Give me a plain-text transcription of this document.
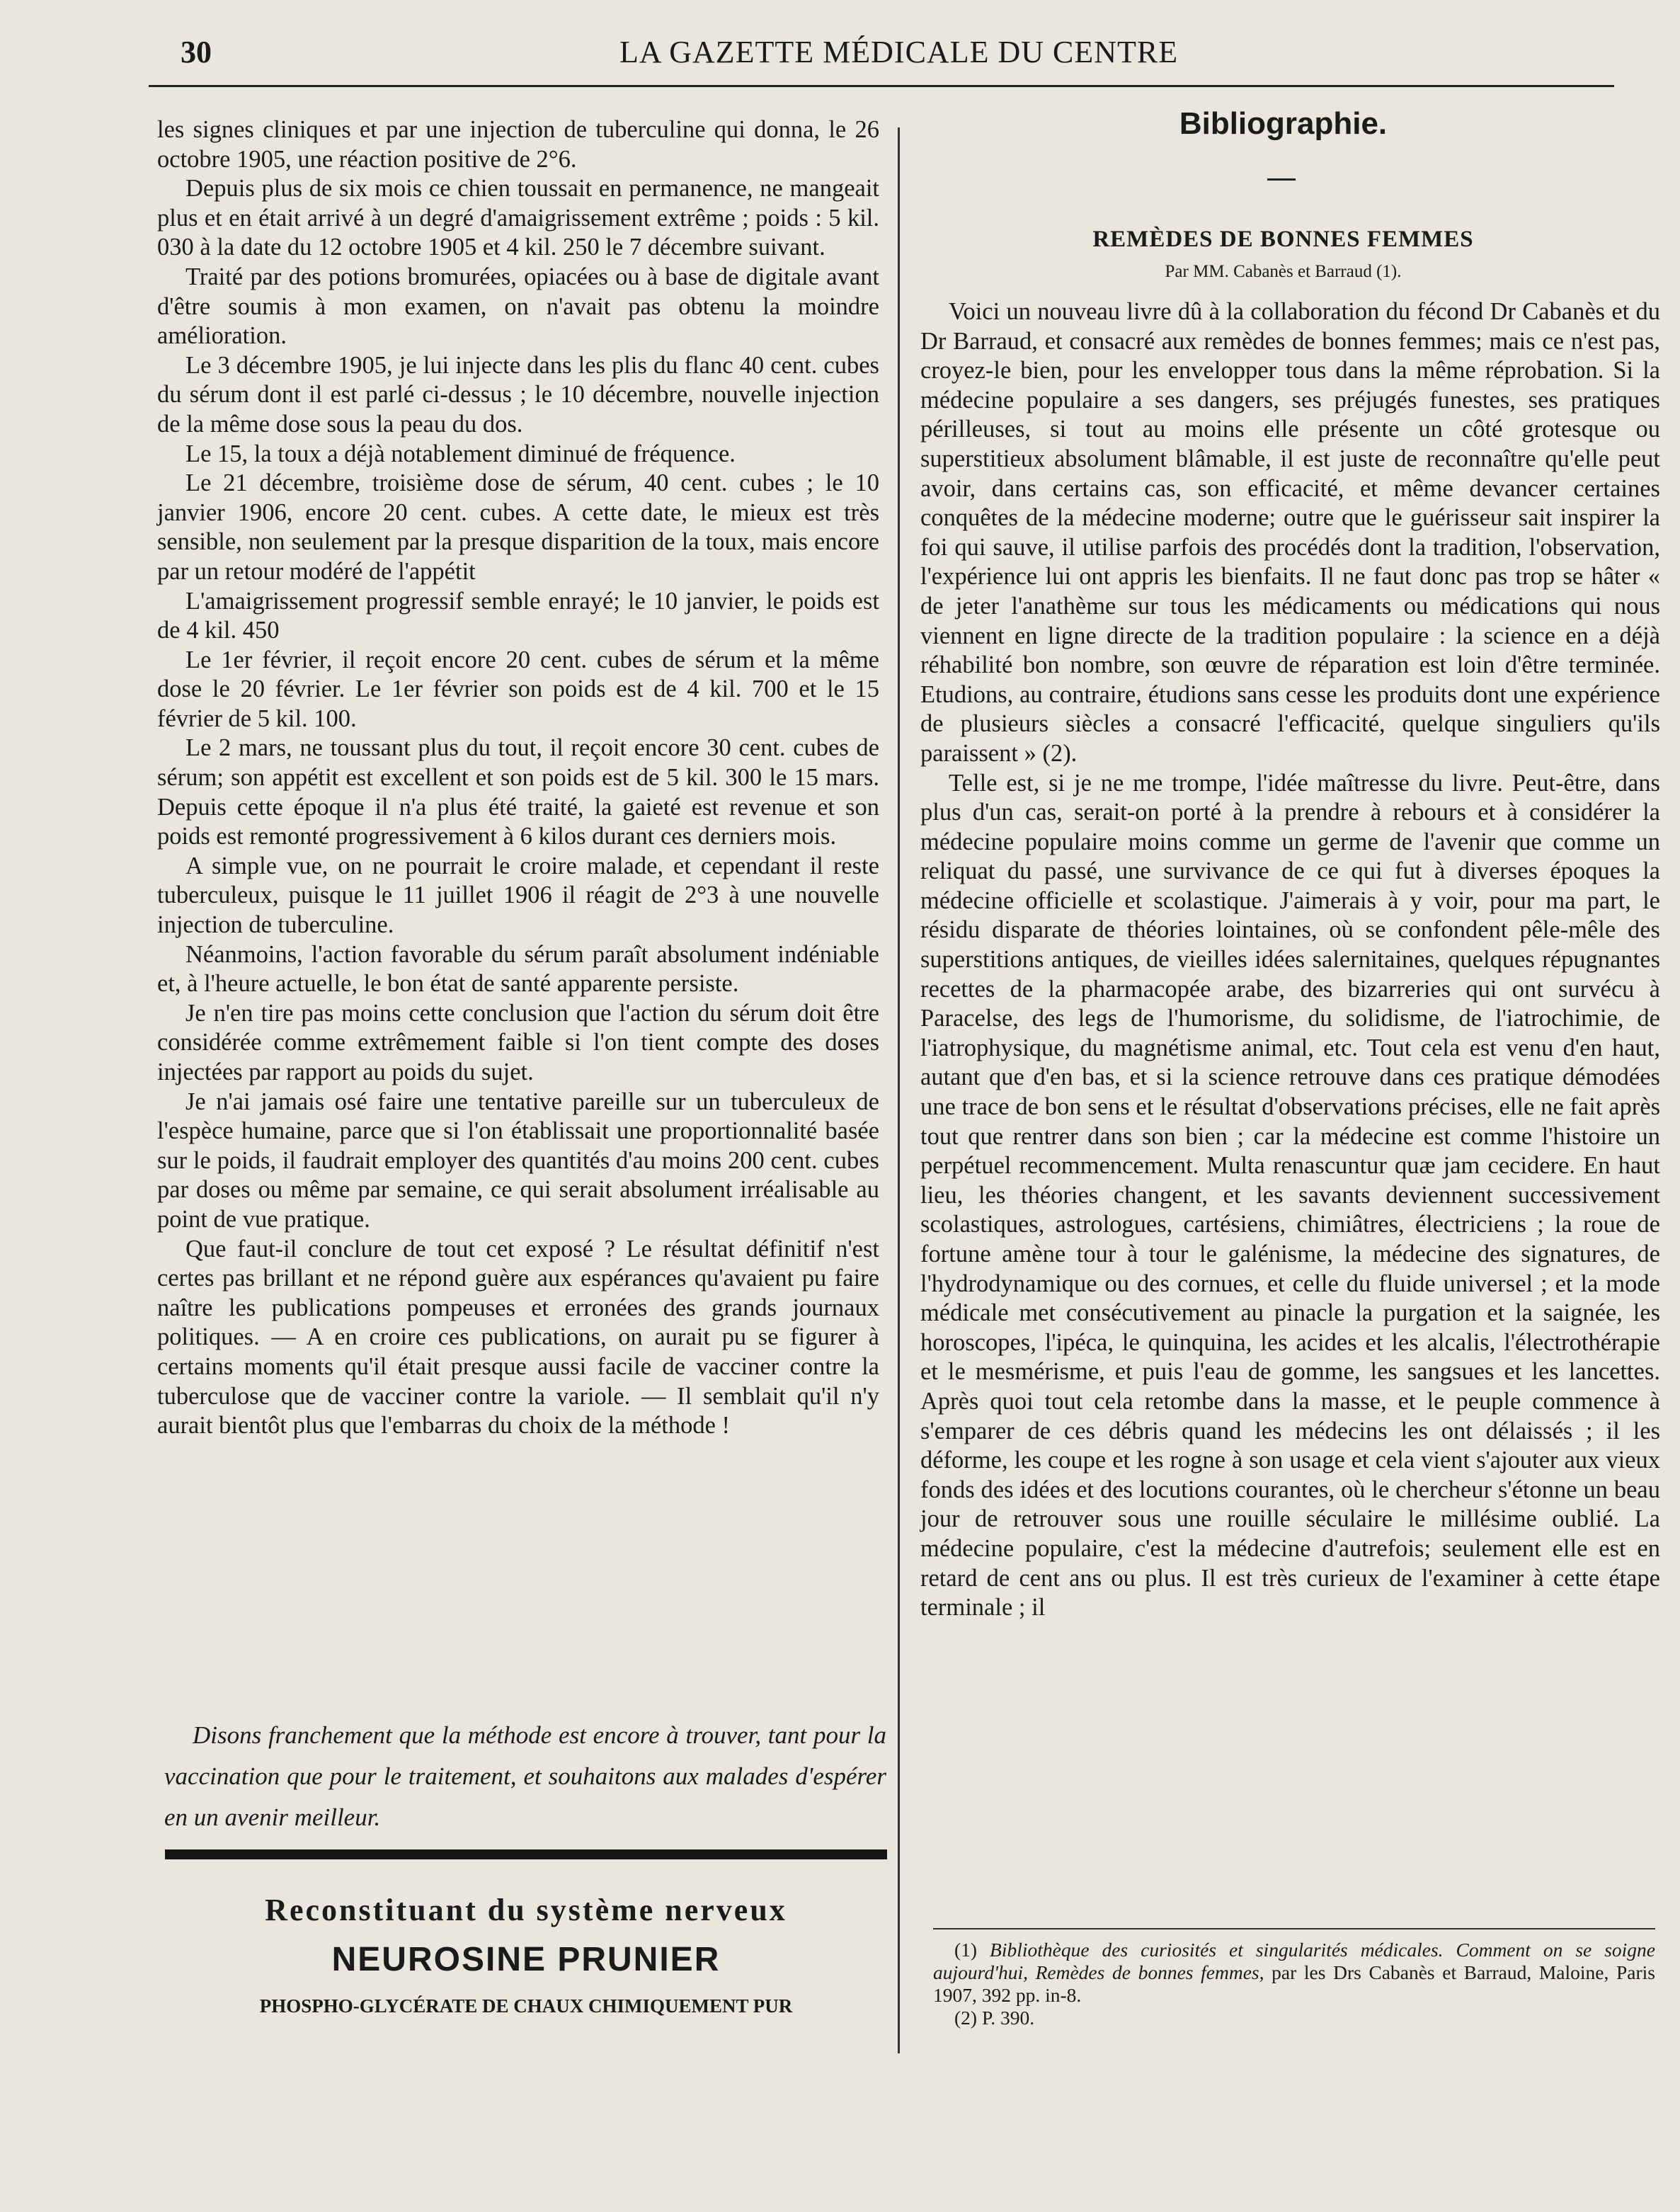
30	LA GAZETTE MÉDICALE DU CENTRE

les signes cliniques et par une injection de tuberculine qui donna, le 26 octobre 1905, une réaction positive de 2°6.

Depuis plus de six mois ce chien toussait en permanence, ne mangeait plus et en était arrivé à un degré d'amaigrissement extrême ; poids : 5 kil. 030 à la date du 12 octobre 1905 et 4 kil. 250 le 7 décembre suivant.

Traité par des potions bromurées, opiacées ou à base de digitale avant d'être soumis à mon examen, on n'avait pas obtenu la moindre amélioration.

Le 3 décembre 1905, je lui injecte dans les plis du flanc 40 cent. cubes du sérum dont il est parlé ci-dessus ; le 10 décembre, nouvelle injection de la même dose sous la peau du dos.

Le 15, la toux a déjà notablement diminué de fréquence.

Le 21 décembre, troisième dose de sérum, 40 cent. cubes ; le 10 janvier 1906, encore 20 cent. cubes. A cette date, le mieux est très sensible, non seulement par la presque disparition de la toux, mais encore par un retour modéré de l'appétit

L'amaigrissement progressif semble enrayé; le 10 janvier, le poids est de 4 kil. 450

Le 1er février, il reçoit encore 20 cent. cubes de sérum et la même dose le 20 février. Le 1er février son poids est de 4 kil. 700 et le 15 février de 5 kil. 100.

Le 2 mars, ne toussant plus du tout, il reçoit encore 30 cent. cubes de sérum; son appétit est excellent et son poids est de 5 kil. 300 le 15 mars. Depuis cette époque il n'a plus été traité, la gaieté est revenue et son poids est remonté progressivement à 6 kilos durant ces derniers mois.

A simple vue, on ne pourrait le croire malade, et cependant il reste tuberculeux, puisque le 11 juillet 1906 il réagit de 2°3 à une nouvelle injection de tuberculine.

Néanmoins, l'action favorable du sérum paraît absolument indéniable et, à l'heure actuelle, le bon état de santé apparente persiste.

Je n'en tire pas moins cette conclusion que l'action du sérum doit être considérée comme extrêmement faible si l'on tient compte des doses injectées par rapport au poids du sujet.

Je n'ai jamais osé faire une tentative pareille sur un tuberculeux de l'espèce humaine, parce que si l'on établissait une proportionnalité basée sur le poids, il faudrait employer des quantités d'au moins 200 cent. cubes par doses ou même par semaine, ce qui serait absolument irréalisable au point de vue pratique.

Que faut-il conclure de tout cet exposé ? Le résultat définitif n'est certes pas brillant et ne répond guère aux espérances qu'avaient pu faire naître les publications pompeuses et erronées des grands journaux politiques. — A en croire ces publications, on aurait pu se figurer à certains moments qu'il était presque aussi facile de vacciner contre la tuberculose que de vacciner contre la variole. — Il semblait qu'il n'y aurait bientôt plus que l'embarras du choix de la méthode !

Disons franchement que la méthode est encore à trouver, tant pour la vaccination que pour le traitement, et souhaitons aux malades d'espérer en un avenir meilleur.

Reconstituant du système nerveux
NEUROSINE PRUNIER
PHOSPHO-GLYCÉRATE DE CHAUX CHIMIQUEMENT PUR
Bibliographie.
REMÈDES DE BONNES FEMMES
Par MM. Cabanès et Barraud (1).

Voici un nouveau livre dû à la collaboration du fécond Dr Cabanès et du Dr Barraud, et consacré aux remèdes de bonnes femmes; mais ce n'est pas, croyez-le bien, pour les envelopper tous dans la même réprobation. Si la médecine populaire a ses dangers, ses préjugés funestes, ses pratiques périlleuses, si tout au moins elle présente un côté grotesque ou superstitieux absolument blâmable, il est juste de reconnaître qu'elle peut avoir, dans certains cas, son efficacité, et même devancer certaines conquêtes de la médecine moderne; outre que le guérisseur sait inspirer la foi qui sauve, il utilise parfois des procédés dont la tradition, l'observation, l'expérience lui ont appris les bienfaits. Il ne faut donc pas trop se hâter « de jeter l'anathème sur tous les médicaments ou médications qui nous viennent en ligne directe de la tradition populaire : la science en a déjà réhabilité bon nombre, son œuvre de réparation est loin d'être terminée. Etudions, au contraire, étudions sans cesse les produits dont une expérience de plusieurs siècles a consacré l'efficacité, quelque singuliers qu'ils paraissent » (2).

Telle est, si je ne me trompe, l'idée maîtresse du livre. Peut-être, dans plus d'un cas, serait-on porté à la prendre à rebours et à considérer la médecine populaire moins comme un germe de l'avenir que comme un reliquat du passé, une survivance de ce qui fut à diverses époques la médecine officielle et scolastique. J'aimerais à y voir, pour ma part, le résidu disparate de théories lointaines, où se confondent pêle-mêle des superstitions antiques, de vieilles idées salernitaines, quelques répugnantes recettes de la pharmacopée arabe, des bizarreries qui ont survécu à Paracelse, des legs de l'humorisme, du solidisme, de l'iatrochimie, de l'iatrophysique, du magnétisme animal, etc. Tout cela est venu d'en haut, autant que d'en bas, et si la science retrouve dans ces pratique démodées une trace de bon sens et le résultat d'observations précises, elle ne fait après tout que rentrer dans son bien ; car la médecine est comme l'histoire un perpétuel recommencement. Multa renascuntur quæ jam cecidere. En haut lieu, les théories changent, et les savants deviennent successivement scolastiques, astrologues, cartésiens, chimiâtres, électriciens ; la roue de fortune amène tour à tour le galénisme, la médecine des signatures, de l'hydrodynamique ou des cornues, et celle du fluide universel ; et la mode médicale met consécutivement au pinacle la purgation et la saignée, les horoscopes, l'ipéca, le quinquina, les acides et les alcalis, l'électrothérapie et le mesmérisme, et puis l'eau de gomme, les sangsues et les lancettes. Après quoi tout cela retombe dans la masse, et le peuple commence à s'emparer de ces débris quand les médecins les ont délaissés ; il les déforme, les coupe et les rogne à son usage et cela vient s'ajouter aux vieux fonds des idées et des locutions courantes, où le chercheur s'étonne un beau jour de retrouver sous une rouille séculaire le millésime oublié. La médecine populaire, c'est la médecine d'autrefois; seulement elle est en retard de cent ans ou plus. Il est très curieux de l'examiner à cette étape terminale ; il

(1) Bibliothèque des curiosités et singularités médicales. Comment on se soigne aujourd'hui, Remèdes de bonnes femmes, par les Drs Cabanès et Barraud, Maloine, Paris 1907, 392 pp. in-8.

(2) P. 390.
